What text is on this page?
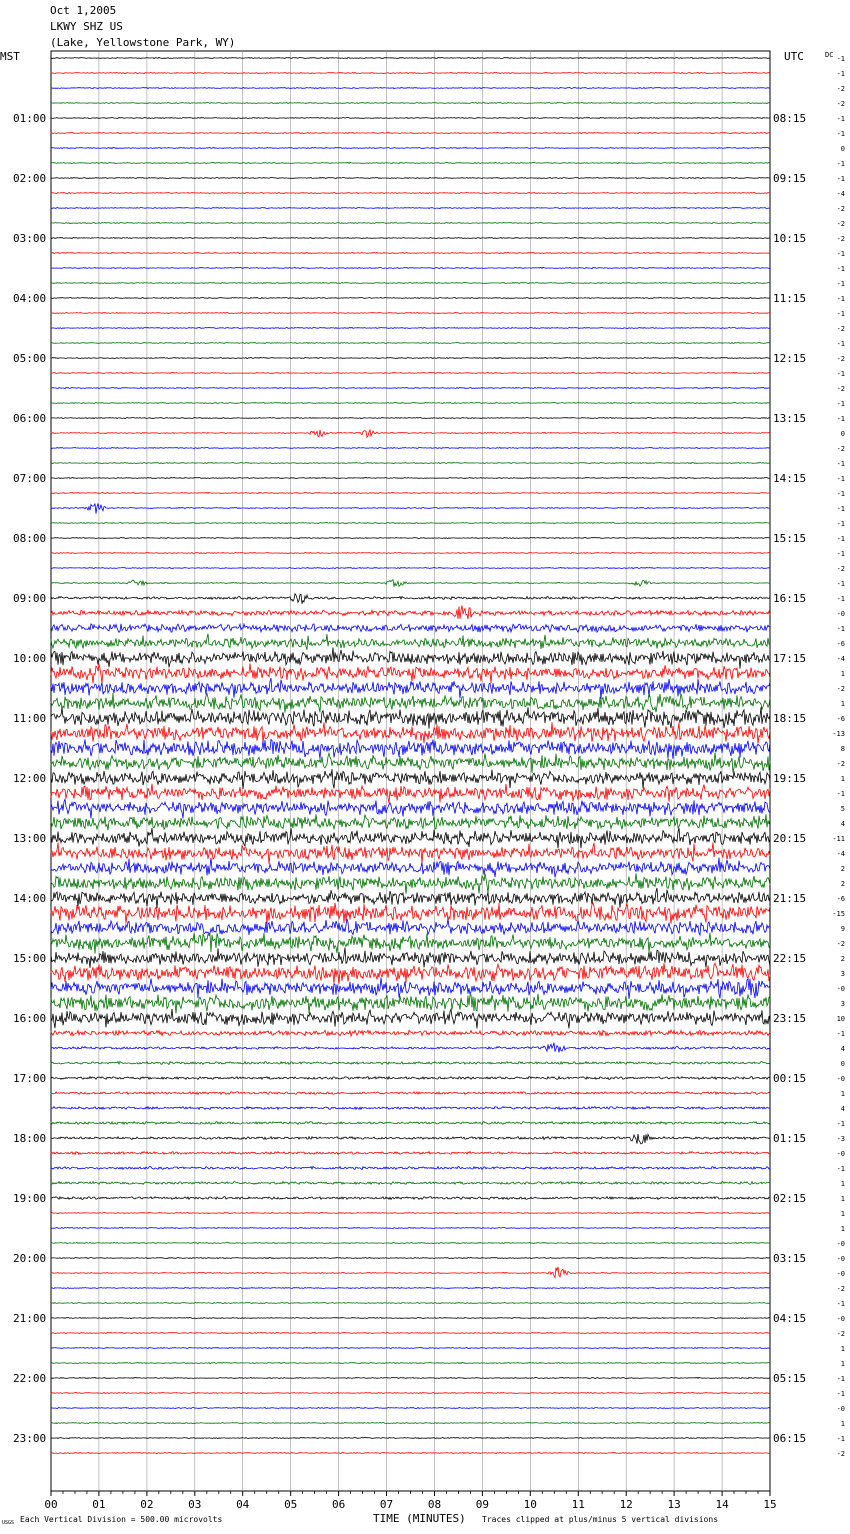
Oct 1,2005
LKWY SHZ US
(Lake, Yellowstone Park, WY)
01:00
02:00
03:00
04:00
05:00
06:00
07:00
08:00
09:00
10:00
11:00
12:00
13:00
14:00
15:00
16:00
17:00
18:00
19:00
20:00
21:00
22:00
23:00
08:15
09:15
10:15
11:15
12:15
13:15
14:15
15:15
16:15
17:15
18:15
19:15
20:15
21:15
22:15
23:15
00:15
01:15
02:15
03:15
04:15
05:15
06:15
-1
-1
-2
-2
-1
-1
0
-1
-1
-4
-2
-2
-2
-1
-1
-1
-1
-1
-2
-1
-2
-1
-2
-1
-1
0
-2
-1
-1
-1
-1
-1
-1
-1
-2
-1
-1
-0
-1
-6
-4
1
-2
1
-6
-13
8
-2
1
-1
5
4
-11
-4
2
2
-6
-15
9
-2
2
3
-0
3
10
-1
4
0
-0
1
4
-1
-3
-0
-1
1
1
1
1
-0
-0
-0
-2
-1
-0
-2
1
1
-1
-1
-0
1
-1
-2
00	01	02	03	04	05	06	07	08	09	10	11	12	13	14	15
MST	UTC	DC
USGS Each Vertical Division = 500.00 microvolts	TIME (MINUTES) Traces clipped at plus/minus 5 vertical divisions
